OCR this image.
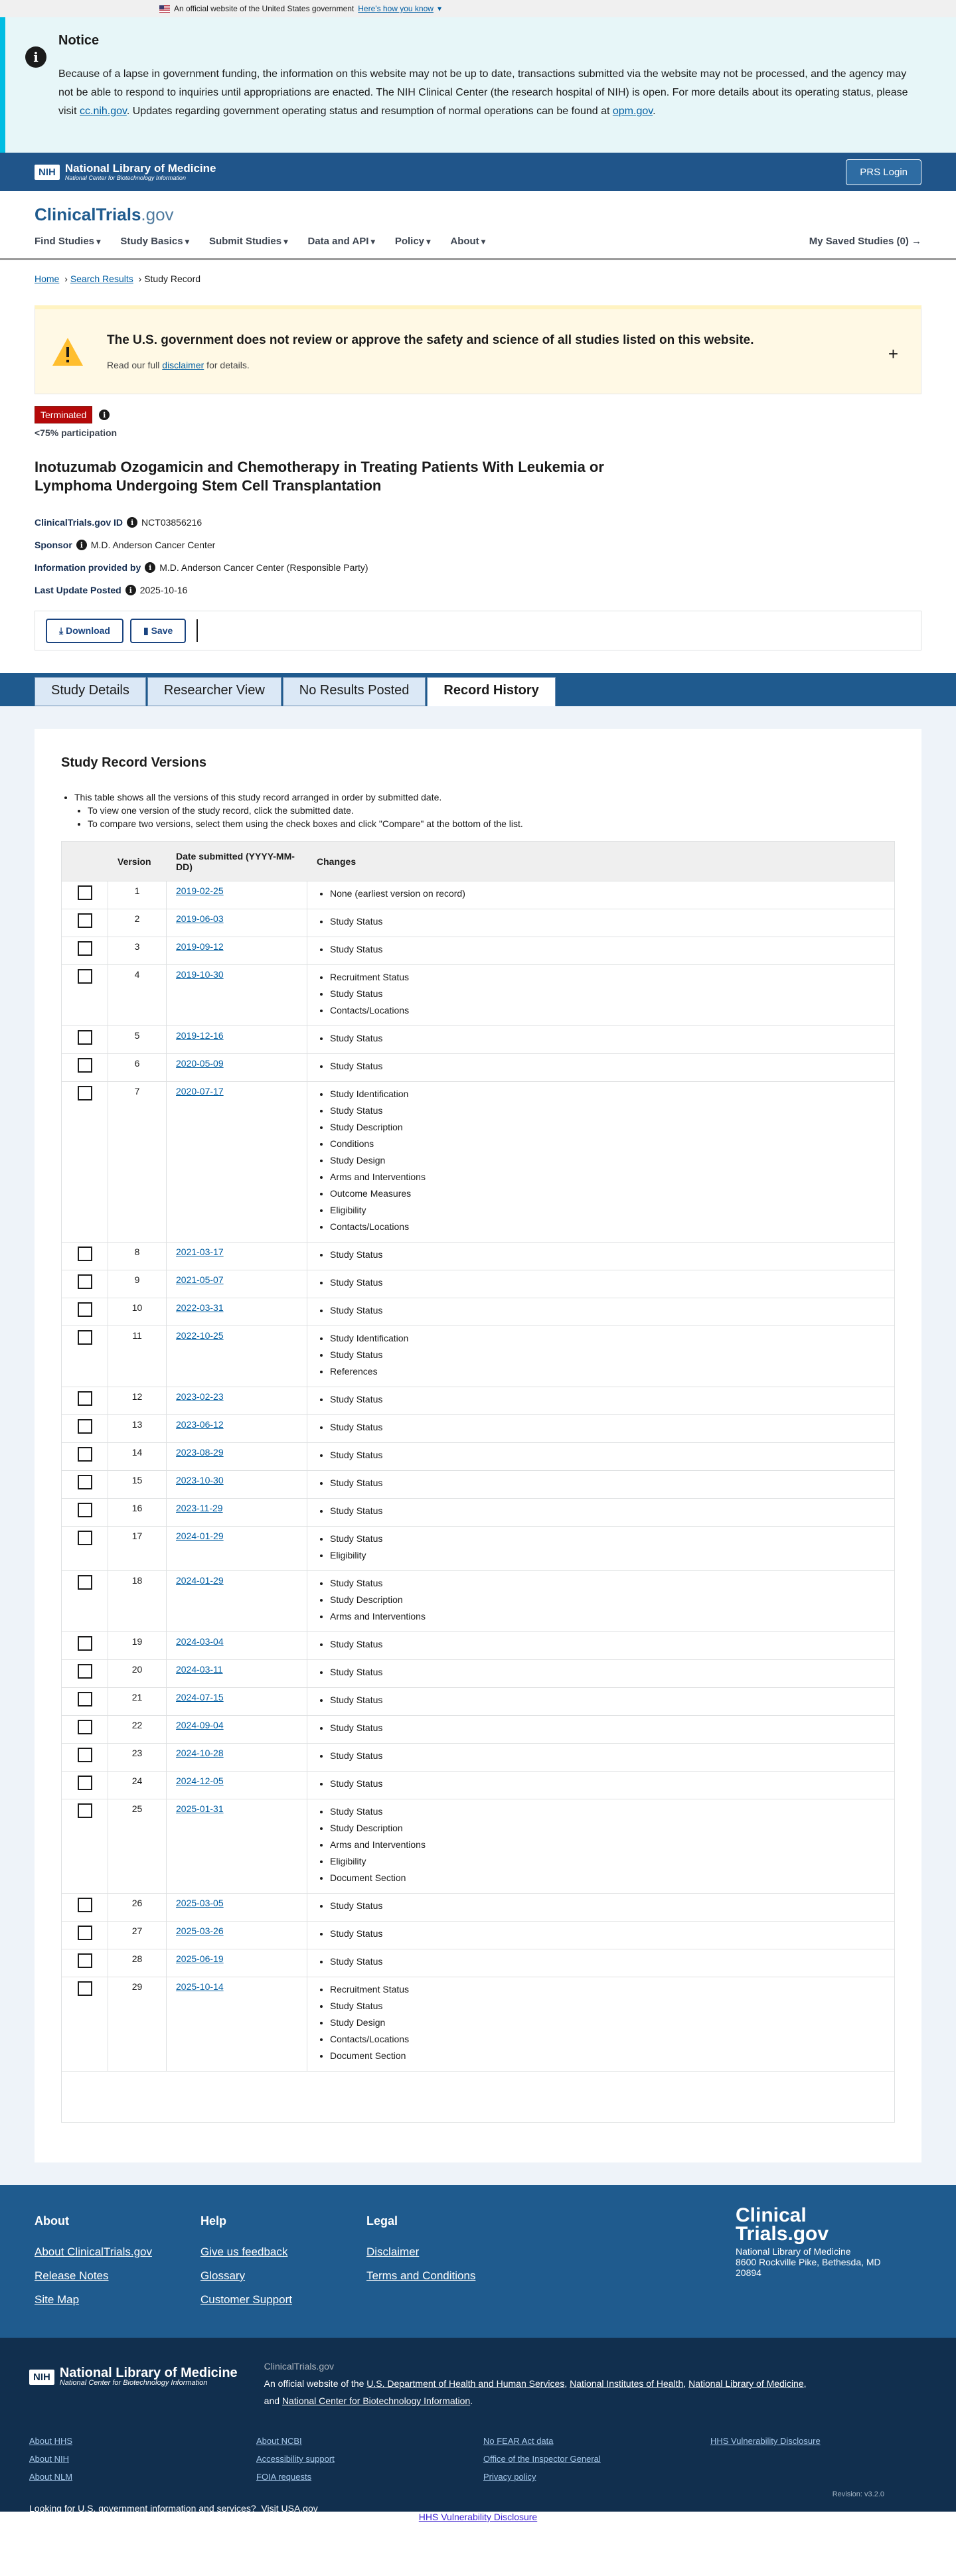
An official website of the United States government Here's how you know ▾
i
Notice

Because of a lapse in government funding, the information on this website may not be up to date, transactions submitted via the website may not be processed, and the agency may not be able to respond to inquiries until appropriations are enacted. The NIH Clinical Center (the research hospital of NIH) is open. For more details about its operating status, please visit cc.nih.gov. Updates regarding government operating status and resumption of normal operations can be found at opm.gov.

NIH National Library of Medicine
National Center for Biotechnology Information
PRS Login
ClinicalTrials.gov
Find Studies ▾	Study Basics ▾	Submit Studies ▾	Data and API ▾	Policy ▾	About ▾	My Saved Studies (0) →
Home › Search Results › Study Record
The U.S. government does not review or approve the safety and science of all studies listed on this website.

Read our full disclaimer for details.

+
Terminated	i
<75% participation
Inotuzumab Ozogamicin and Chemotherapy in Treating Patients With Leukemia or Lymphoma Undergoing Stem Cell Transplantation
ClinicalTrials.gov ID	i NCT03856216
Sponsor	i M.D. Anderson Cancer Center
Information provided by	i M.D. Anderson Cancer Center (Responsible Party)
Last Update Posted	i 2025-10-16
⤓ Download	▮ Save
Study Details	Researcher View	No Results Posted	Record History
Study Record Versions
• This table shows all the versions of this study record arranged in order by submitted date.
• To view one version of the study record, click the submitted date.
• To compare two versions, select them using the check boxes and click "Compare" at the bottom of the list.
Version	Date submitted (YYYY-MM-DD)	Changes
1	2019-02-25	• None (earliest version on record)
2	2019-06-03	• Study Status
3	2019-09-12	• Study Status
4	2019-10-30	• Recruitment Status
• Study Status
• Contacts/Locations
5	2019-12-16	• Study Status
6	2020-05-09	• Study Status
7	2020-07-17	• Study Identification
• Study Status
• Study Description
• Conditions
• Study Design
• Arms and Interventions
• Outcome Measures
• Eligibility
• Contacts/Locations
8	2021-03-17	• Study Status
9	2021-05-07	• Study Status
10	2022-03-31	• Study Status
11	2022-10-25	• Study Identification
• Study Status
• References
12	2023-02-23	• Study Status
13	2023-06-12	• Study Status
14	2023-08-29	• Study Status
15	2023-10-30	• Study Status
16	2023-11-29	• Study Status
17	2024-01-29	• Study Status
• Eligibility
18	2024-01-29	• Study Status
• Study Description
• Arms and Interventions
19	2024-03-04	• Study Status
20	2024-03-11	• Study Status
21	2024-07-15	• Study Status
22	2024-09-04	• Study Status
23	2024-10-28	• Study Status
24	2024-12-05	• Study Status
25	2025-01-31	• Study Status
• Study Description
• Arms and Interventions
• Eligibility
• Document Section
26	2025-03-05	• Study Status
27	2025-03-26	• Study Status
28	2025-06-19	• Study Status
29	2025-10-14	• Recruitment Status
• Study Status
• Study Design
• Contacts/Locations
• Document Section
About
About ClinicalTrials.gov
Release Notes
Site Map
Help
Give us feedback
Glossary
Customer Support
Legal
Disclaimer
Terms and Conditions
Clinical
Trials.gov

National Library of Medicine
8600 Rockville Pike, Bethesda, MD
20894

NIH National Library of Medicine
National Center for Biotechnology Information
ClinicalTrials.gov
An official website of the U.S. Department of Health and Human Services, National Institutes of Health, National Library of Medicine,
and National Center for Biotechnology Information.
About HHS
About NIH
About NLM
About NCBI
Accessibility support
FOIA requests
No FEAR Act data
Office of the Inspector General
Privacy policy
HHS Vulnerability Disclosure
Looking for U.S. government information and services? Visit USA.gov
Revision: v3.2.0
HHS Vulnerability Disclosure
